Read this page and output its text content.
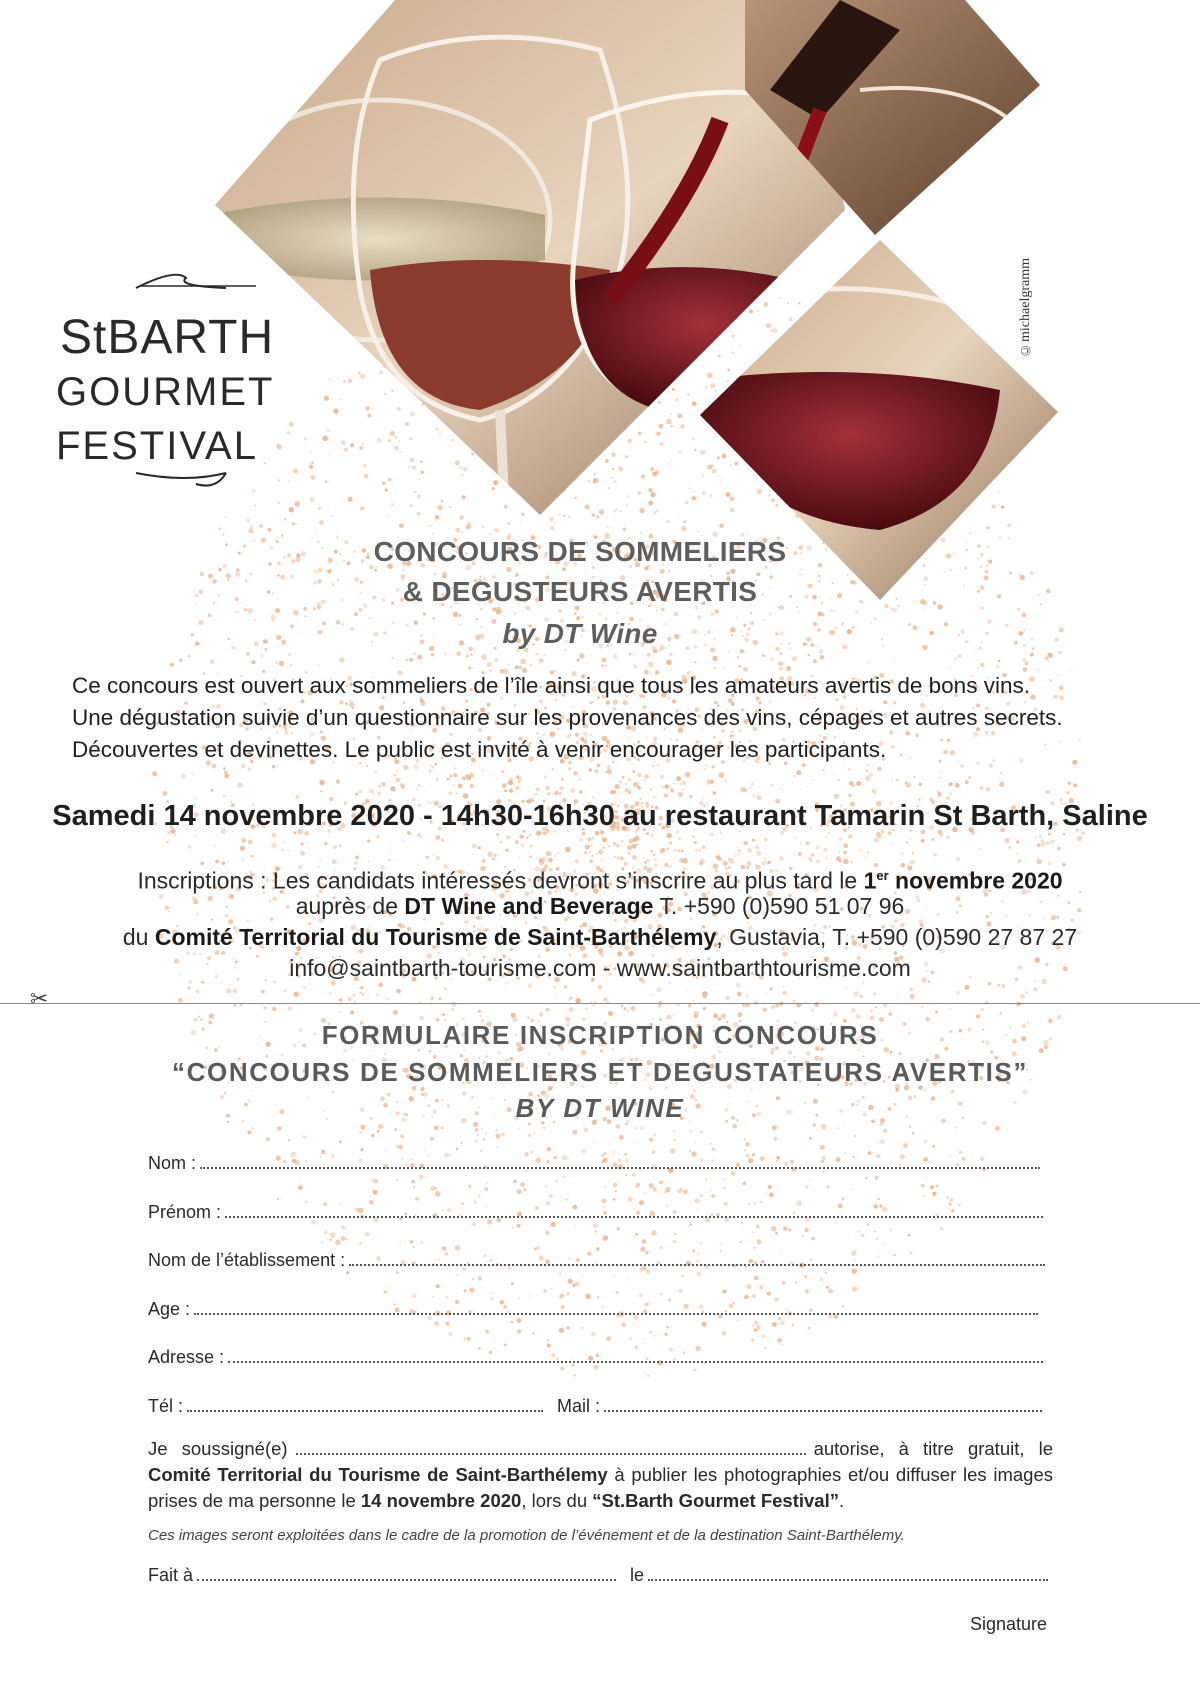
©michaelgramm
StBARTH
GOURMET
FESTIVAL
CONCOURS DE SOMMELIERS
& DEGUSTEURS AVERTIS
by DT Wine
Ce concours est ouvert aux sommeliers de l’île ainsi que tous les amateurs avertis de bons vins.
Une dégustation suivie d’un questionnaire sur les provenances des vins, cépages et autres secrets.
Découvertes et devinettes. Le public est invité à venir encourager les participants.
Samedi 14 novembre 2020 - 14h30-16h30 au restaurant Tamarin St Barth, Saline
Inscriptions : Les candidats intéressés devront s’inscrire au plus tard le 1er novembre 2020
auprès de DT Wine and Beverage T. +590 (0)590 51 07 96
du Comité Territorial du Tourisme de Saint-Barthélemy, Gustavia, T. +590 (0)590 27 87 27
info@saintbarth-tourisme.com - www.saintbarthtourisme.com
✂
FORMULAIRE INSCRIPTION CONCOURS
“CONCOURS DE SOMMELIERS ET DEGUSTATEURS AVERTIS”
BY DT WINE
Nom :
Prénom :
Nom de l’établissement :
Age :
Adresse :
Tél :	Mail :
Je soussigné(e)	autorise, à titre gratuit, le Comité Territorial du Tourisme de Saint-Barthélemy à publier les photographies et/ou diffuser les images prises de ma personne le 14 novembre 2020, lors du “St.Barth Gourmet Festival”.
Ces images seront exploitées dans le cadre de la promotion de l’événement et de la destination Saint-Barthélemy.
Fait à	le
Signature
